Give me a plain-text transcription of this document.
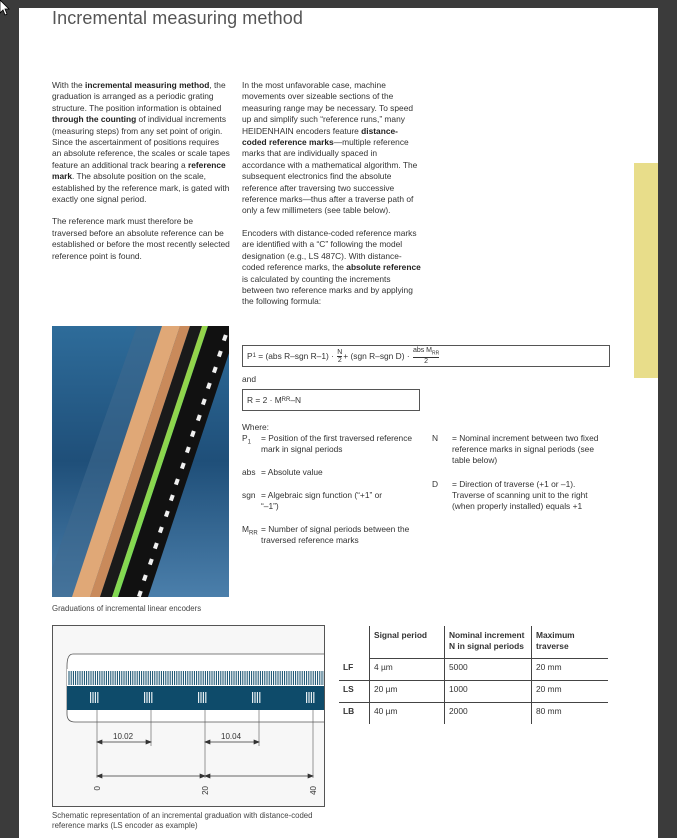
Incremental measuring method

With the incremental measuring method, the graduation is arranged as a periodic grating structure. The position information is obtained through the counting of individual increments (measuring steps) from any set point of origin. Since the ascertainment of positions requires an absolute reference, the scales or scale tapes feature an additional track bearing a reference mark. The absolute position on the scale, established by the reference mark, is gated with exactly one signal period.

The reference mark must therefore be traversed before an absolute reference can be established or before the most recently selected reference point is found.

In the most unfavorable case, machine movements over sizeable sections of the measuring range may be necessary. To speed up and simplify such “reference runs,” many HEIDENHAIN encoders feature distance-coded reference marks—multiple reference marks that are individually spaced in accordance with a mathematical algorithm. The subsequent electronics find the absolute reference after traversing two successive reference marks—thus after a traverse path of only a few millimeters (see table below).

Encoders with distance-coded reference marks are identified with a “C” following the model designation (e.g., LS 487C). With distance-coded reference marks, the absolute reference is calculated by counting the increments between two reference marks and by applying the following formula:

Graduations of incremental linear encoders
P 1 = (abs R–sgn $R-1) \cdot \frac{N}{2} + (sgn$ R–sgn D) ·
abs $M_{RR}$
2
and
R = 2 · M RR –N
Where:
$P_1$ = Position of the first traversed reference mark in signal periods
abs = Absolute value
sgn = Algebraic sign function (“+1” or “–1”)
$M_{RR}$ = Number of signal periods between the traversed reference marks
N = Nominal increment between two fixed reference marks in signal periods (see table below)
D = Direction of traverse (+1 or –1). Traverse of scanning unit to the right (when properly installed) equals +1
10.02	10.04
0	20	40
Schematic representation of an incremental graduation with distance-coded reference marks (LS encoder as example)
	Signal period	Nominal increment N in signal periods	Maximum traverse
LF	4 µm	5000	20 mm
LS	20 µm	1000	20 mm
LB	40 µm	2000	80 mm
